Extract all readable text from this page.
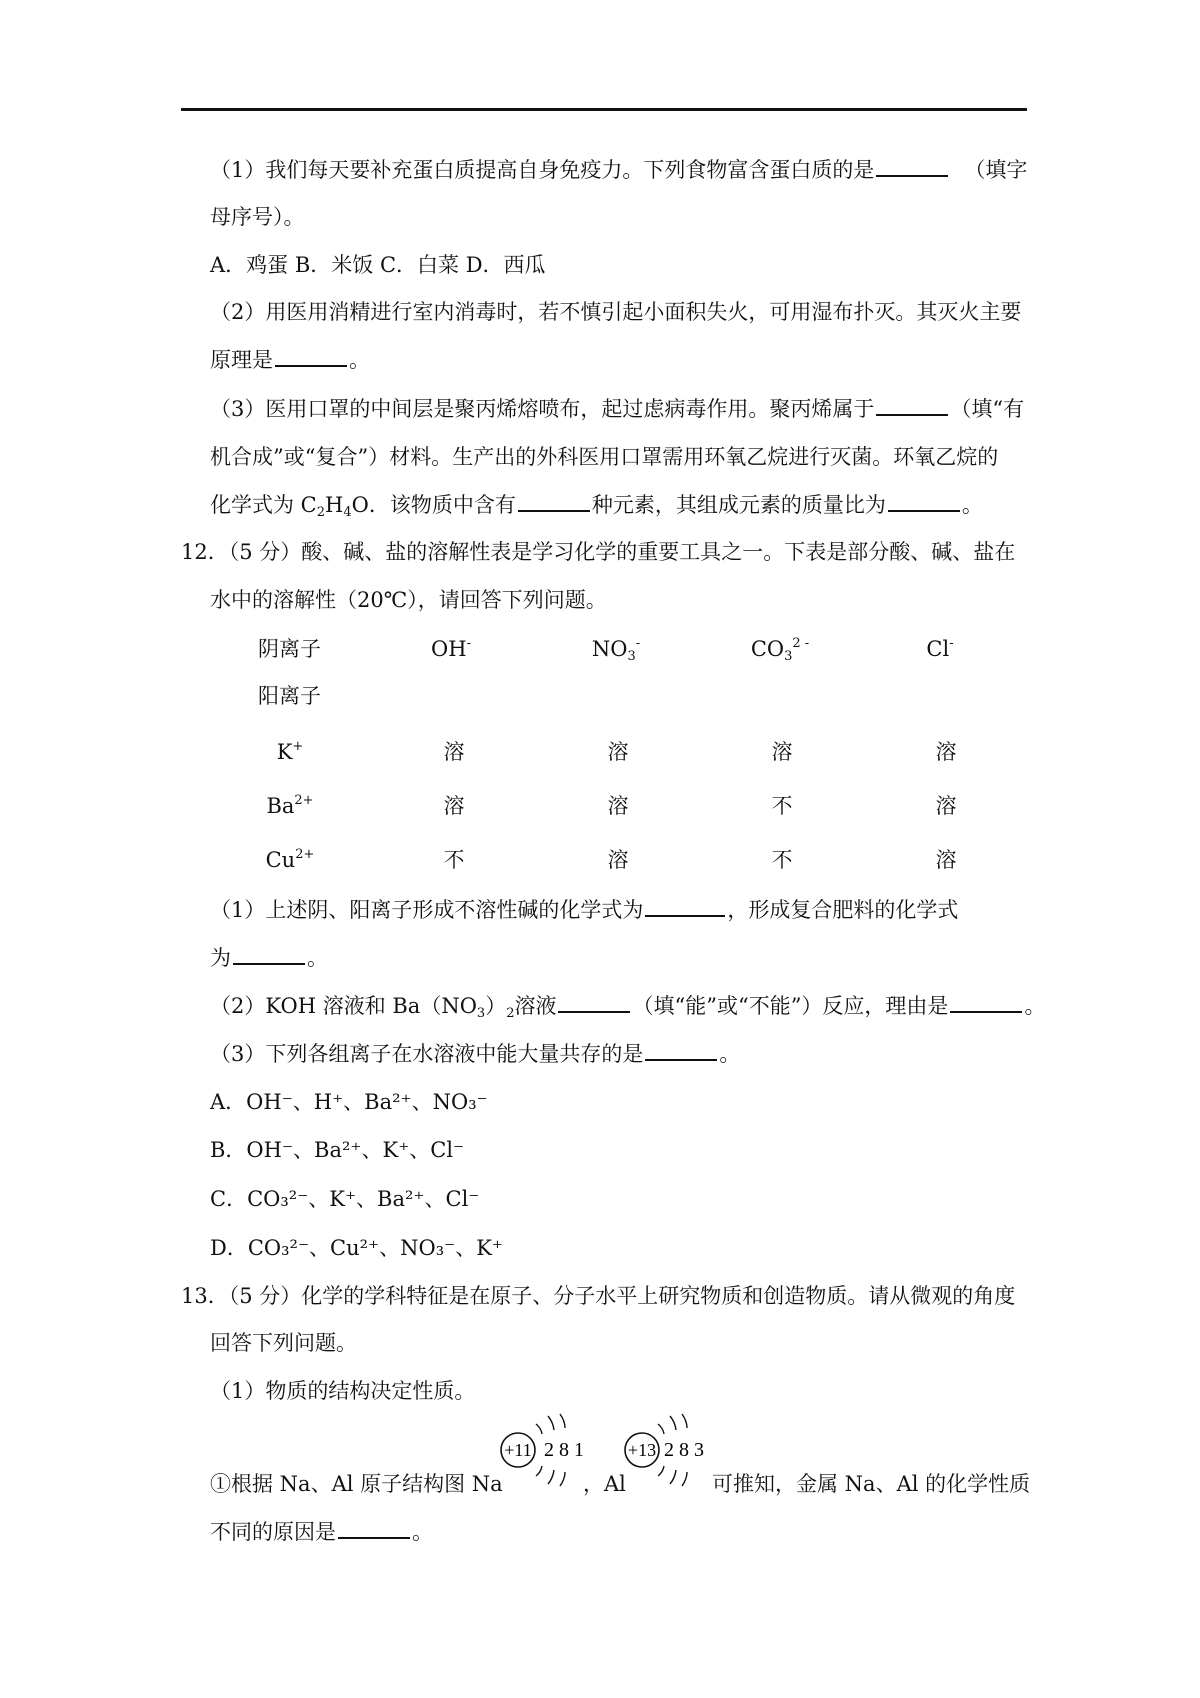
（1）我们每天要补充蛋白质提高自身免疫力。下列食物富含蛋白质的是	（填字
母序号）。
A．鸡蛋 B．米饭 C．白菜 D．西瓜
（2）用医用消精进行室内消毒时，若不慎引起小面积失火，可用湿布扑灭。其灭火主要
原理是	。
（3）医用口罩的中间层是聚丙烯熔喷布，起过虑病毒作用。聚丙烯属于	（填“有
机合成”或“复合”）材料。生产出的外科医用口罩需用环氧乙烷进行灭菌。环氧乙烷的
化学式为 $C_2H_4O$．该物质中含有	种元素，其组成元素的质量比为	。
12．（5 分）酸、碱、盐的溶解性表是学习化学的重要工具之一。下表是部分酸、碱、盐在
水中的溶解性（20℃），请回答下列问题。
阴离子
阳离子
OH-	$NO_3^-$	$CO_3^{2 -}$	Cl-
K+	溶	溶	溶	溶
$Ba^{2+}$	溶	溶	不	溶
$Cu^{2+}$	不	溶	不	溶
（1）上述阴、阳离子形成不溶性碱的化学式为	，形成复合肥料的化学式
为	。
（2）KOH 溶液和 $Ba(NO_3)_2$溶液	（填“能”或“不能”）反应，理由是	。
（3）下列各组离子在水溶液中能大量共存的是	。
A．OH⁻、H⁺、Ba²⁺、NO₃⁻
B．OH⁻、Ba²⁺、K⁺、Cl⁻
C．CO₃²⁻、K⁺、Ba²⁺、Cl⁻
D．CO₃²⁻、Cu²⁺、NO₃⁻、K⁺
13．（5 分）化学的学科特征是在原子、分子水平上研究物质和创造物质。请从微观的角度
回答下列问题。
（1）物质的结构决定性质。
①根据 Na、Al 原子结构图 Na	，Al	可推知，金属 Na、Al 的化学性质
+11 2 8 1 +13 2 8 3
不同的原因是	。
